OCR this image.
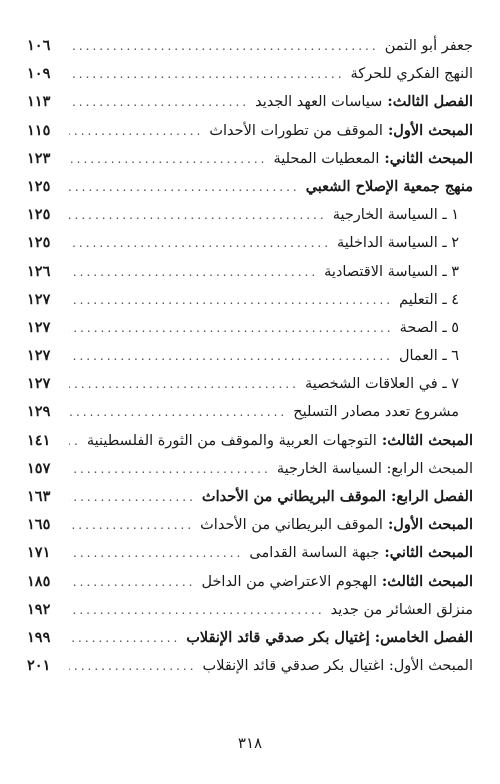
جعفر أبو التمن
.....
١٠٦
النهج الفكري للحركة
.....
١٠٩
الفصل الثالث: سياسات العهد الجديد
.....
١١٣
المبحث الأول: الموقف من تطورات الأحداث
.....
١١٥
المبحث الثاني: المعطيات المحلية
.....
١٢٣
منهج جمعية الإصلاح الشعبي
.....
١٢٥
١ ـ السياسة الخارجية
.....
١٢٥
٢ ـ السياسة الداخلية
.....
١٢٥
٣ ـ السياسة الاقتصادية
.....
١٢٦
٤ ـ التعليم
.....
١٢٧
٥ ـ الصحة
.....
١٢٧
٦ ـ العمال
.....
١٢٧
٧ ـ في العلاقات الشخصية
.....
١٢٧
مشروع تعدد مصادر التسليح
.....
١٢٩
المبحث الثالث: التوجهات العربية والموقف من الثورة الفلسطينية
.....
١٤١
المبحث الرابع: السياسة الخارجية
.....
١٥٧
الفصل الرابع: الموقف البريطاني من الأحداث
.....
١٦٣
المبحث الأول: الموقف البريطاني من الأحداث
.....
١٦٥
المبحث الثاني: جبهة الساسة القدامى
.....
١٧١
المبحث الثالث: الهجوم الاعتراضي من الداخل
.....
١٨٥
منزلق العشائر من جديد
.....
١٩٢
الفصل الخامس: إغتيال بكر صدقي قائد الإنقلاب
.....
١٩٩
المبحث الأول: اغتيال بكر صدقي قائد الإنقلاب
.....
٢٠١
٣١٨
